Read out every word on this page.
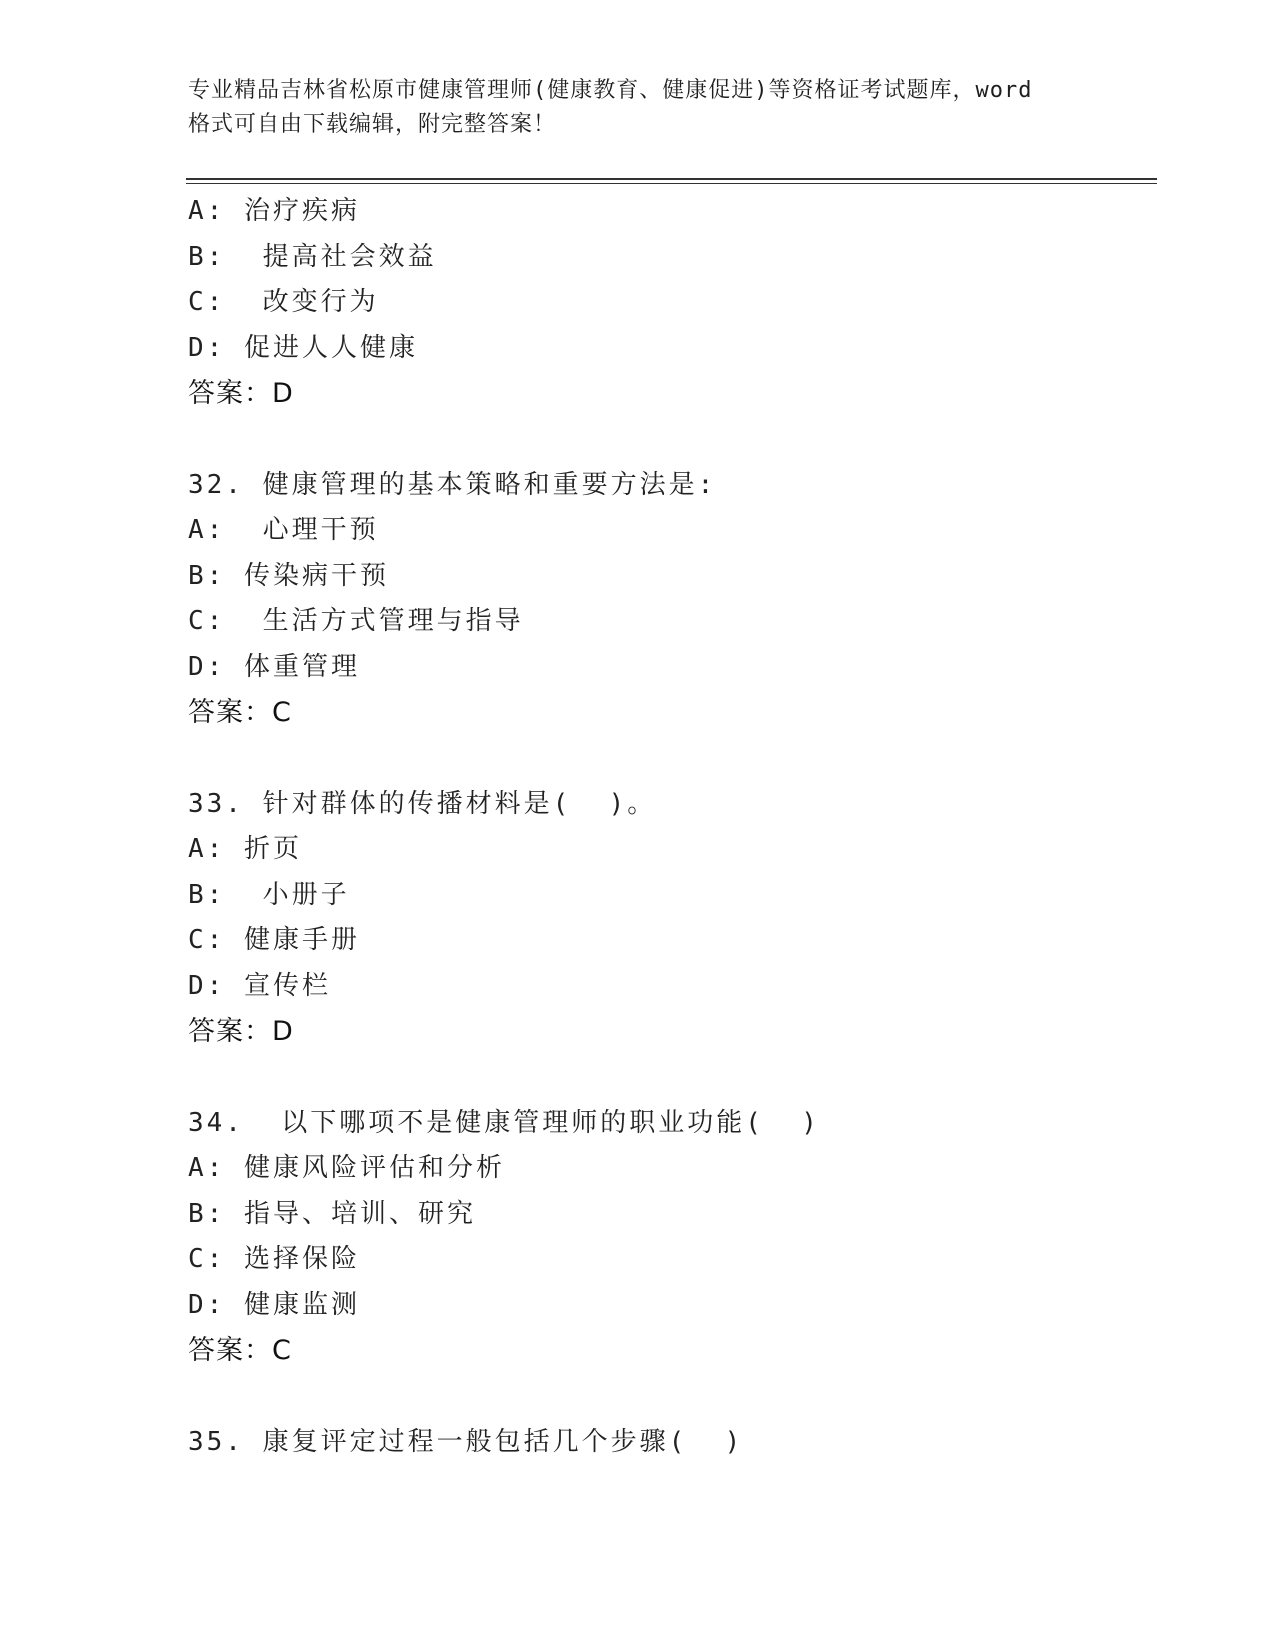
专业精品吉林省松原市健康管理师(健康教育、健康促进)等资格证考试题库，word
格式可自由下载编辑，附完整答案！
A: 治疗疾病
B:  提高社会效益
C:  改变行为
D: 促进人人健康
答案：D
32. 健康管理的基本策略和重要方法是:
A:  心理干预
B: 传染病干预
C:  生活方式管理与指导
D: 体重管理
答案：C
33. 针对群体的传播材料是(  )。
A: 折页
B:  小册子
C: 健康手册
D: 宣传栏
答案：D
34.  以下哪项不是健康管理师的职业功能(  )
A: 健康风险评估和分析
B: 指导、培训、研究
C: 选择保险
D: 健康监测
答案：C
35. 康复评定过程一般包括几个步骤(  )
